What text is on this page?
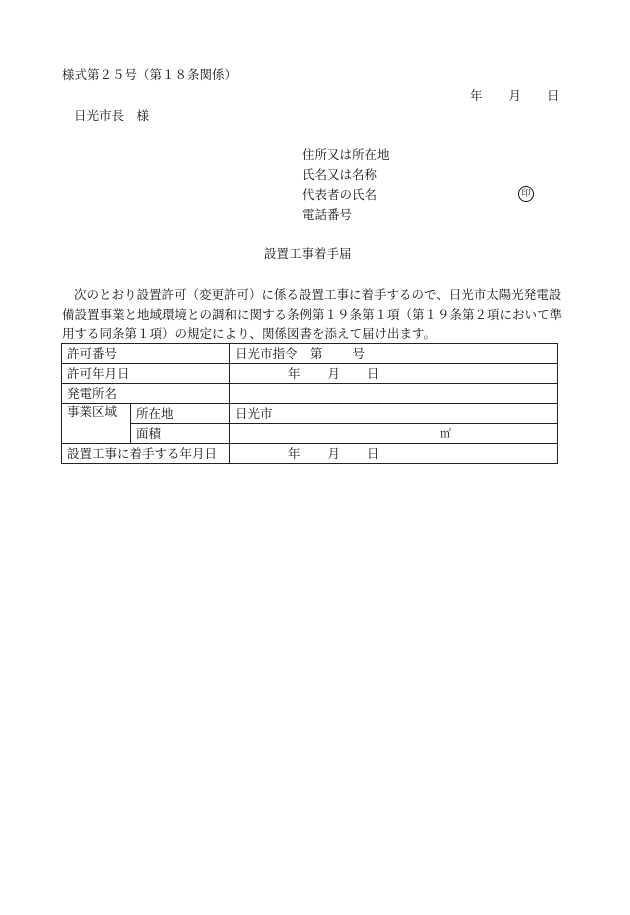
様式第２５号（第１８条関係）
年 月 日
日光市長　様
住所又は所在地
氏名又は名称
代表者の氏名	印
電話番号
設置工事着手届
次のとおり設置許可（変更許可）に係る設置工事に着手するので、日光市太陽光発電設備設置事業と地域環境との調和に関する条例第１９条第１項（第１９条第２項において準用する同条第１項）の規定により、関係図書を添えて届け出ます。
許可番号		日光市指令　第 号
許可年月日		年 月 日
発電所名		
事業区域	所在地	日光市
	面積	㎡
設置工事に着手する年月日		年 月 日
